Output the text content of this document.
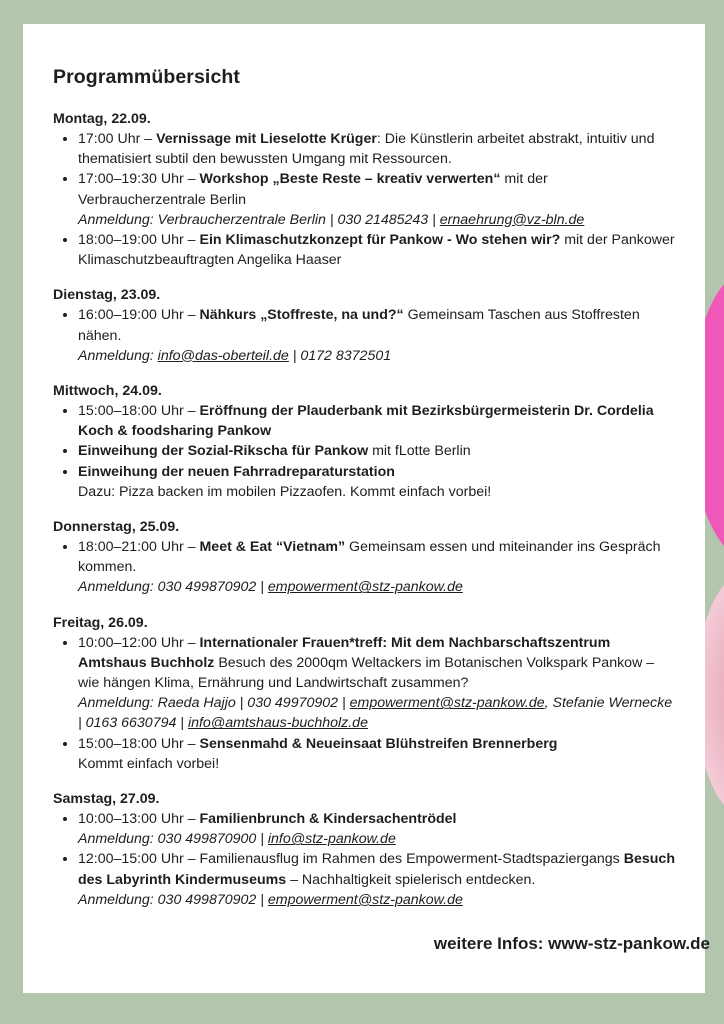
Programmübersicht
Montag, 22.09.
• 17:00 Uhr – Vernissage mit Lieselotte Krüger: Die Künstlerin arbeitet abstrakt, intuitiv und thematisiert subtil den bewussten Umgang mit Ressourcen.
• 17:00–19:30 Uhr – Workshop „Beste Reste – kreativ verwerten“ mit der Verbraucherzentrale Berlin
Anmeldung: Verbraucherzentrale Berlin | 030 21485243 | ernaehrung@vz-bln.de
• 18:00–19:00 Uhr – Ein Klimaschutzkonzept für Pankow - Wo stehen wir? mit der Pankower Klimaschutzbeauftragten Angelika Haaser
Dienstag, 23.09.
• 16:00–19:00 Uhr – Nähkurs „Stoffreste, na und?“ Gemeinsam Taschen aus Stoffresten nähen.
Anmeldung: info@das-oberteil.de | 0172 8372501
Mittwoch, 24.09.
• 15:00–18:00 Uhr – Eröffnung der Plauderbank mit Bezirksbürgermeisterin Dr. Cordelia Koch & foodsharing Pankow
• Einweihung der Sozial-Rikscha für Pankow mit fLotte Berlin
• Einweihung der neuen Fahrradreparaturstation
Dazu: Pizza backen im mobilen Pizzaofen. Kommt einfach vorbei!
Donnerstag, 25.09.
• 18:00–21:00 Uhr – Meet & Eat “Vietnam” Gemeinsam essen und miteinander ins Gespräch kommen.
Anmeldung: 030 499870902 | empowerment@stz-pankow.de
Freitag, 26.09.
• 10:00–12:00 Uhr – Internationaler Frauen*treff: Mit dem Nachbarschaftszentrum Amtshaus Buchholz Besuch des 2000qm Weltackers im Botanischen Volkspark Pankow – wie hängen Klima, Ernährung und Landwirtschaft zusammen?
Anmeldung: Raeda Hajjo | 030 49970902 | empowerment@stz-pankow.de, Stefanie Wernecke | 0163 6630794 | info@amtshaus-buchholz.de
• 15:00–18:00 Uhr – Sensenmahd & Neueinsaat Blühstreifen Brennerberg
Kommt einfach vorbei!
Samstag, 27.09.
• 10:00–13:00 Uhr – Familienbrunch & Kindersachentrödel
Anmeldung: 030 499870900 | info@stz-pankow.de
• 12:00–15:00 Uhr – Familienausflug im Rahmen des Empowerment-Stadtspaziergangs Besuch des Labyrinth Kindermuseums – Nachhaltigkeit spielerisch entdecken.
Anmeldung: 030 499870902 | empowerment@stz-pankow.de
weitere Infos: www-stz-pankow.de
